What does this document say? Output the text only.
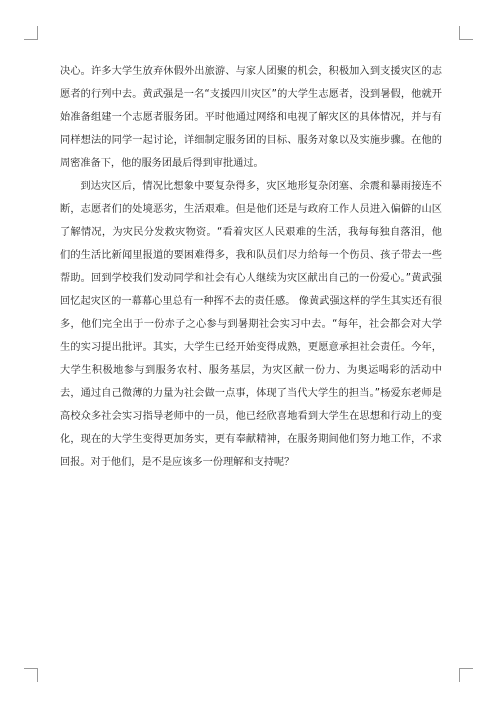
决心。许多大学生放弃休假外出旅游、与家人团聚的机会，积极加入到支援灾区的志愿者的行列中去。黄武强是一名“支援四川灾区”的大学生志愿者，没到暑假，他就开始准备组建一个志愿者服务团。平时他通过网络和电视了解灾区的具体情况，并与有同样想法的同学一起讨论，详细制定服务团的目标、服务对象以及实施步骤。在他的周密准备下，他的服务团最后得到审批通过。

到达灾区后，情况比想象中要复杂得多，灾区地形复杂闭塞、余震和暴雨接连不断，志愿者们的处境恶劣，生活艰难。但是他们还是与政府工作人员进入偏僻的山区了解情况，为灾民分发救灾物资。“看着灾区人民艰难的生活，我每每独自落泪，他们的生活比新闻里报道的要困难得多，我和队员们尽力给每一个伤员、孩子带去一些帮助。回到学校我们发动同学和社会有心人继续为灾区献出自己的一份爱心。”黄武强回忆起灾区的一幕幕心里总有一种挥不去的责任感。 像黄武强这样的学生其实还有很多，他们完全出于一份赤子之心参与到暑期社会实习中去。“每年，社会都会对大学生的实习提出批评。其实，大学生已经开始变得成熟，更愿意承担社会责任。今年，大学生积极地参与到服务农村、服务基层，为灾区献一份力、为奥运喝彩的活动中去，通过自己微薄的力量为社会做一点事，体现了当代大学生的担当。”杨爱东老师是高校众多社会实习指导老师中的一员，他已经欣喜地看到大学生在思想和行动上的变化，现在的大学生变得更加务实，更有奉献精神，在服务期间他们努力地工作，不求回报。对于他们，是不是应该多一份理解和支持呢？
